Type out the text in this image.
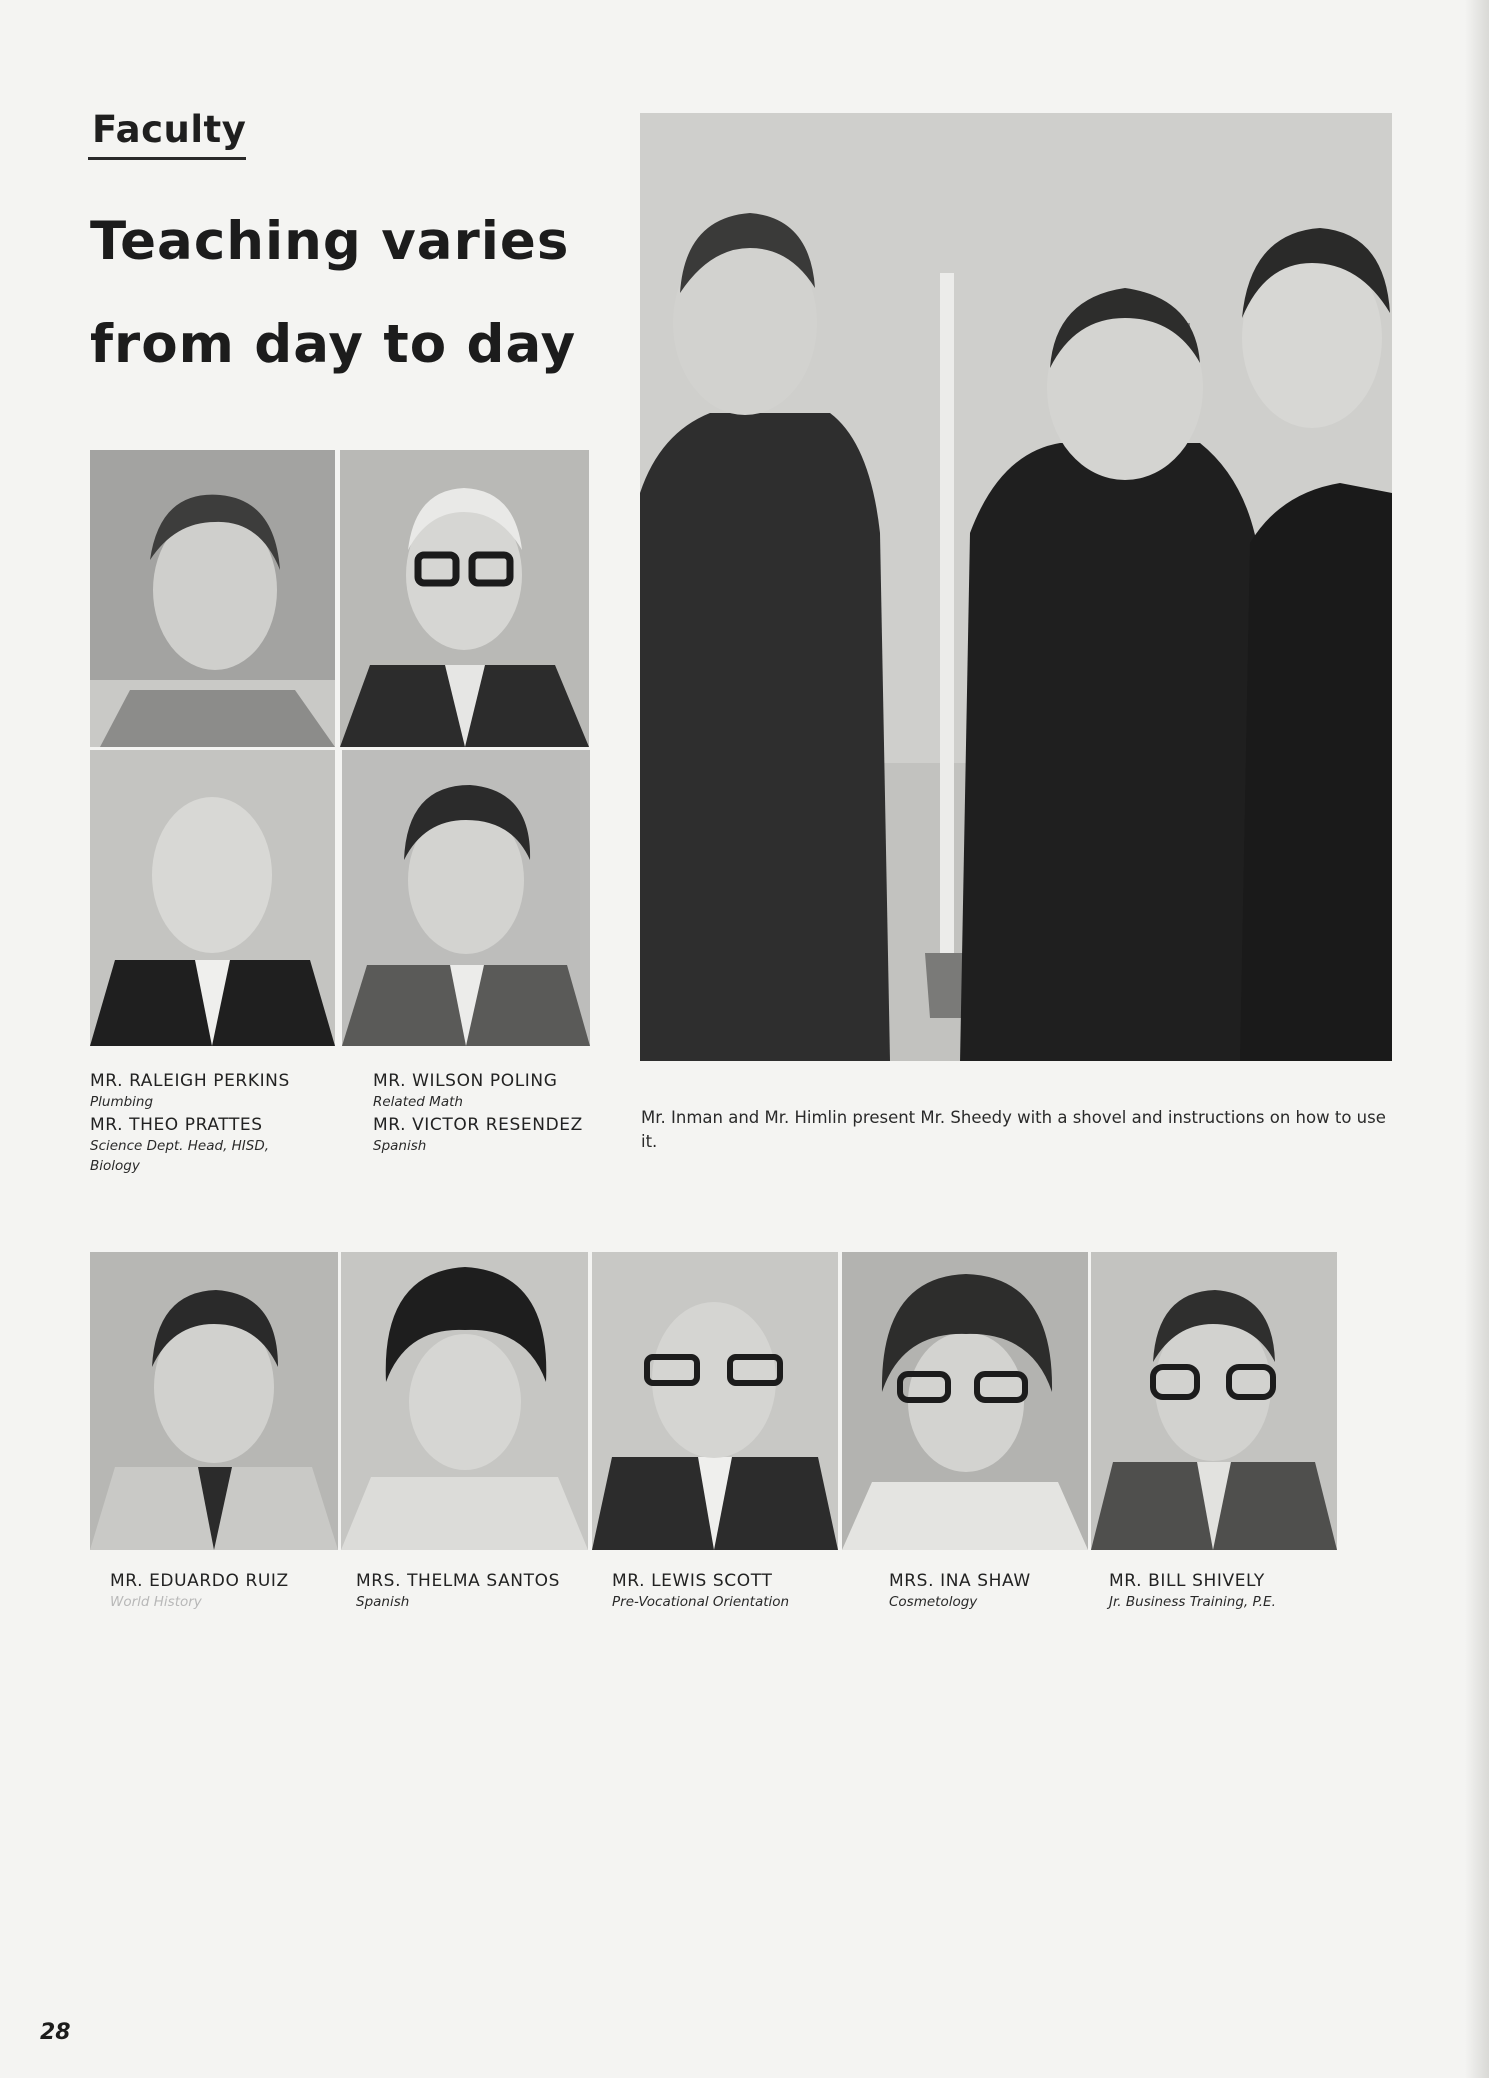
Faculty
Teaching varies
from day to day
MR. RALEIGH PERKINS
Plumbing
MR. WILSON POLING
Related Math
MR. THEO PRATTES
Science Dept. Head, HISD, Biology
MR. VICTOR RESENDEZ
Spanish
Mr. Inman and Mr. Himlin present Mr. Sheedy with a shovel and instructions on how to use it.
MR. EDUARDO RUIZ
World History
MRS. THELMA SANTOS
Spanish
MR. LEWIS SCOTT
Pre-Vocational Orientation
MRS. INA SHAW
Cosmetology
MR. BILL SHIVELY
Jr. Business Training, P.E.
28
